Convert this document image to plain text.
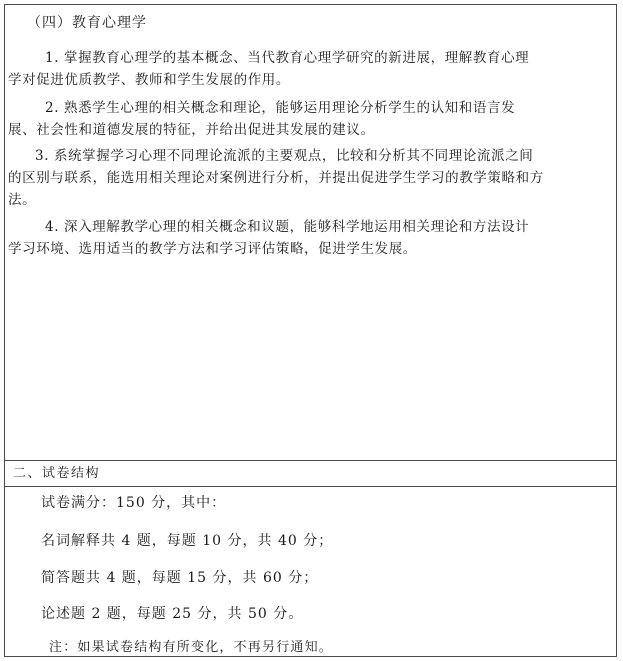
（四）教育心理学

1. 掌握教育心理学的基本概念、当代教育心理学研究的新进展，理解教育心理
学对促进优质教学、教师和学生发展的作用。

2. 熟悉学生心理的相关概念和理论，能够运用理论分析学生的认知和语言发
展、社会性和道德发展的特征，并给出促进其发展的建议。

3. 系统掌握学习心理不同理论流派的主要观点，比较和分析其不同理论流派之间
的区别与联系，能选用相关理论对案例进行分析，并提出促进学生学习的教学策略和方
法。

4. 深入理解教学心理的相关概念和议题，能够科学地运用相关理论和方法设计
学习环境、选用适当的教学方法和学习评估策略，促进学生发展。

二、试卷结构
试卷满分：150 分，其中：
名词解释共 4 题，每题 10 分，共 40 分；
简答题共 4 题，每题 15 分，共 60 分；
论述题 2 题，每题 25 分，共 50 分。
注：如果试卷结构有所变化，不再另行通知。
